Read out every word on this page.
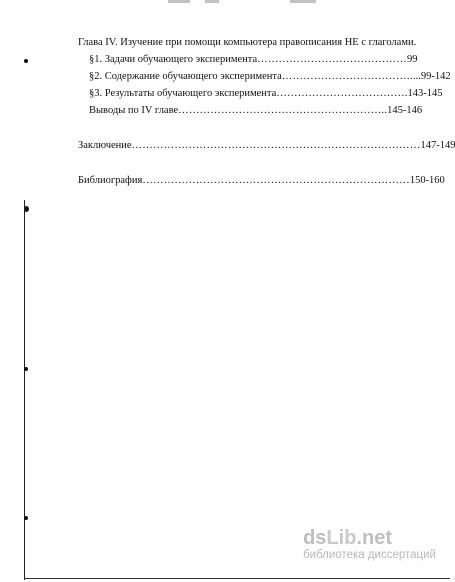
Глава IV. Изучение при помощи компьютера правописания НЕ с глаголами.
§1. Задачи обучающего эксперимента……………………………………99
§2. Содержание обучающего эксперимента………………………………....99-142
§3. Результаты обучающего эксперимента……………………………….143-145
Выводы по IV главе…………………………………………………..145-146
Заключение………………………………………………………………………147-149
Библиография…………………………………………………………………150-160
dsLib.net
библиотека диссертаций
